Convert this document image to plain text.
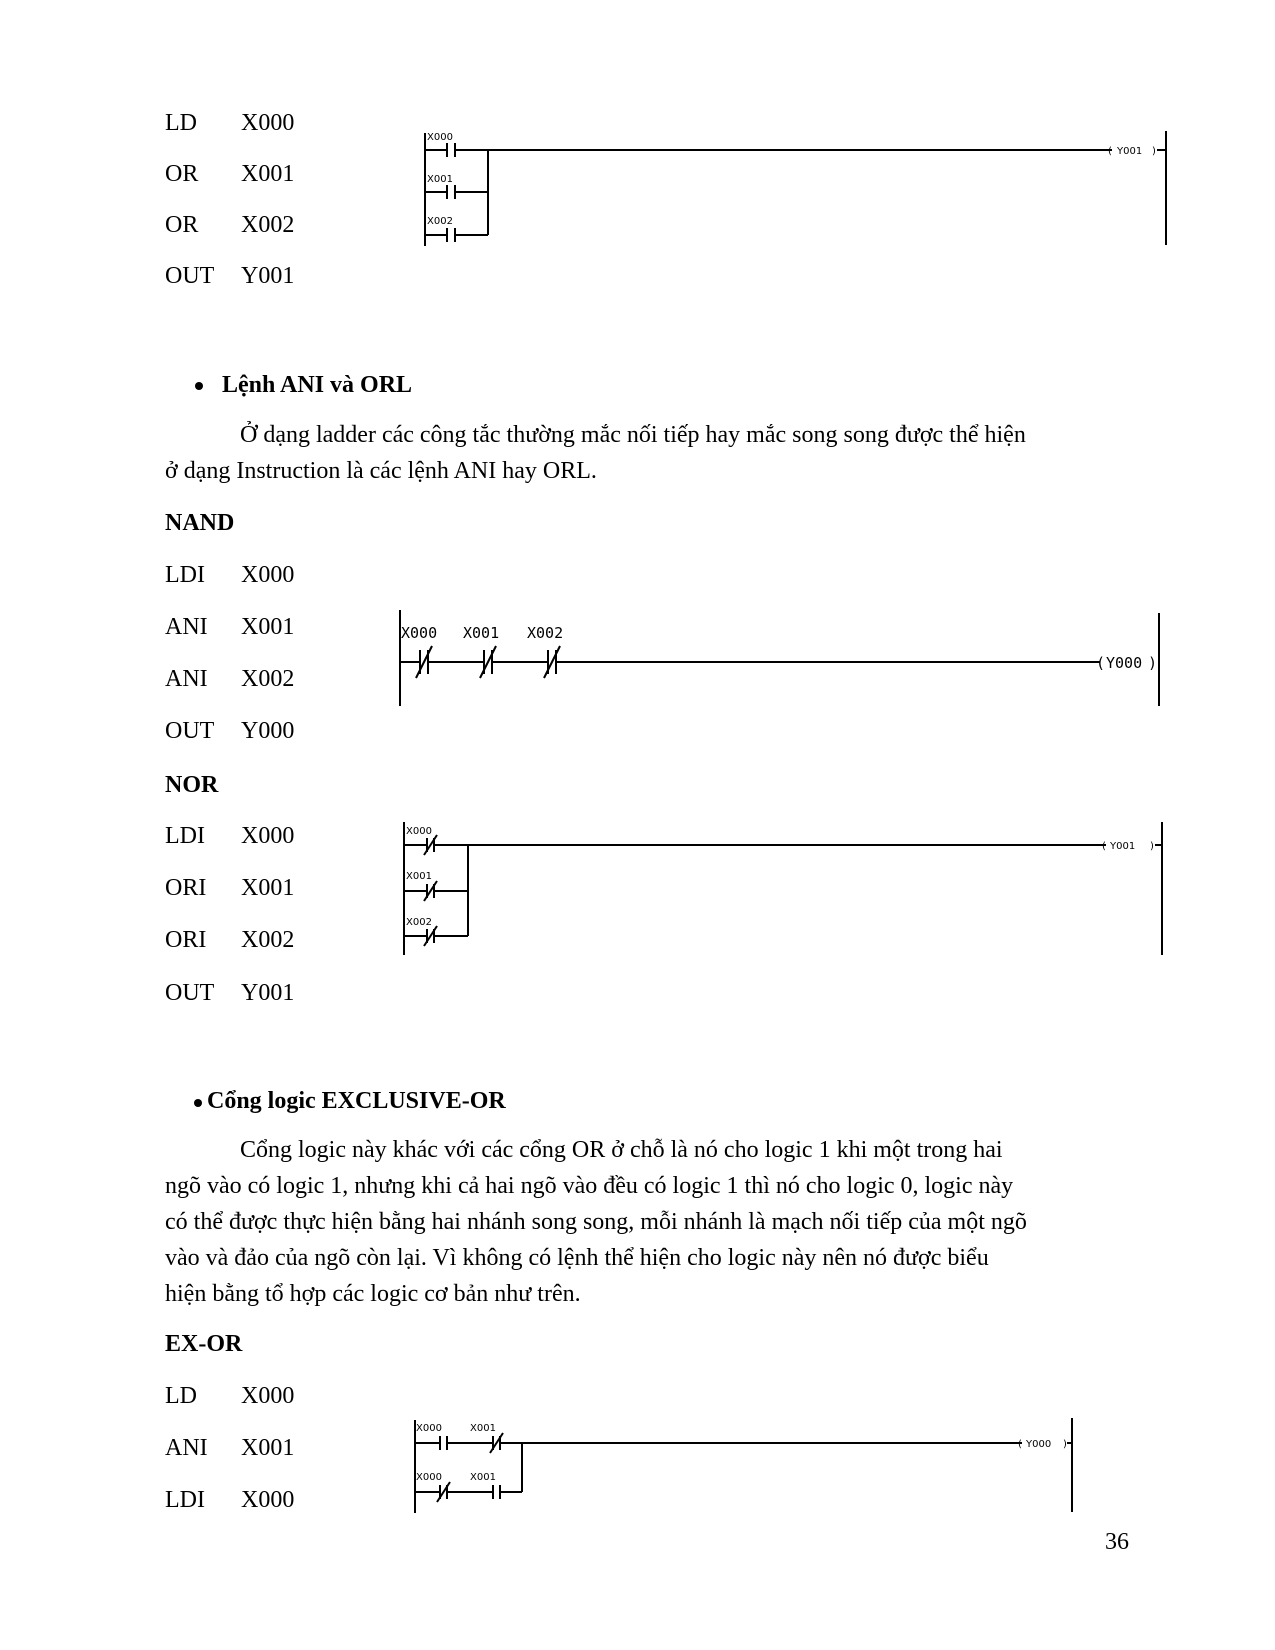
LD X000
OR X001
OR X002
OUT Y001
X000
( Y001 )
X001
X002
Lệnh ANI và ORL
Ở dạng ladder các công tắc thường mắc nối tiếp hay mắc song song được thể hiện
ở dạng Instruction là các lệnh ANI hay ORL.
NAND
LDI X000
ANI X001
ANI X002
OUT Y000
X000 X001 X002
( Y000 )
NOR
LDI X000
ORI X001
ORI X002
OUT Y001
X000
( Y001 )
X001
X002
Cổng logic EXCLUSIVE-OR
Cổng logic này khác với các cổng OR ở chỗ là nó cho logic 1 khi một trong hai
ngõ vào có logic 1, nhưng khi cả hai ngõ vào đều có logic 1 thì nó cho logic 0, logic này
có thể được thực hiện bằng hai nhánh song song, mỗi nhánh là mạch nối tiếp của một ngõ
vào và đảo của ngõ còn lại. Vì không có lệnh thể hiện cho logic này nên nó được biểu
hiện bằng tổ hợp các logic cơ bản như trên.
EX-OR
LD X000
ANI X001
LDI X000
X000	X001
( Y000 )
X000	X001
36
